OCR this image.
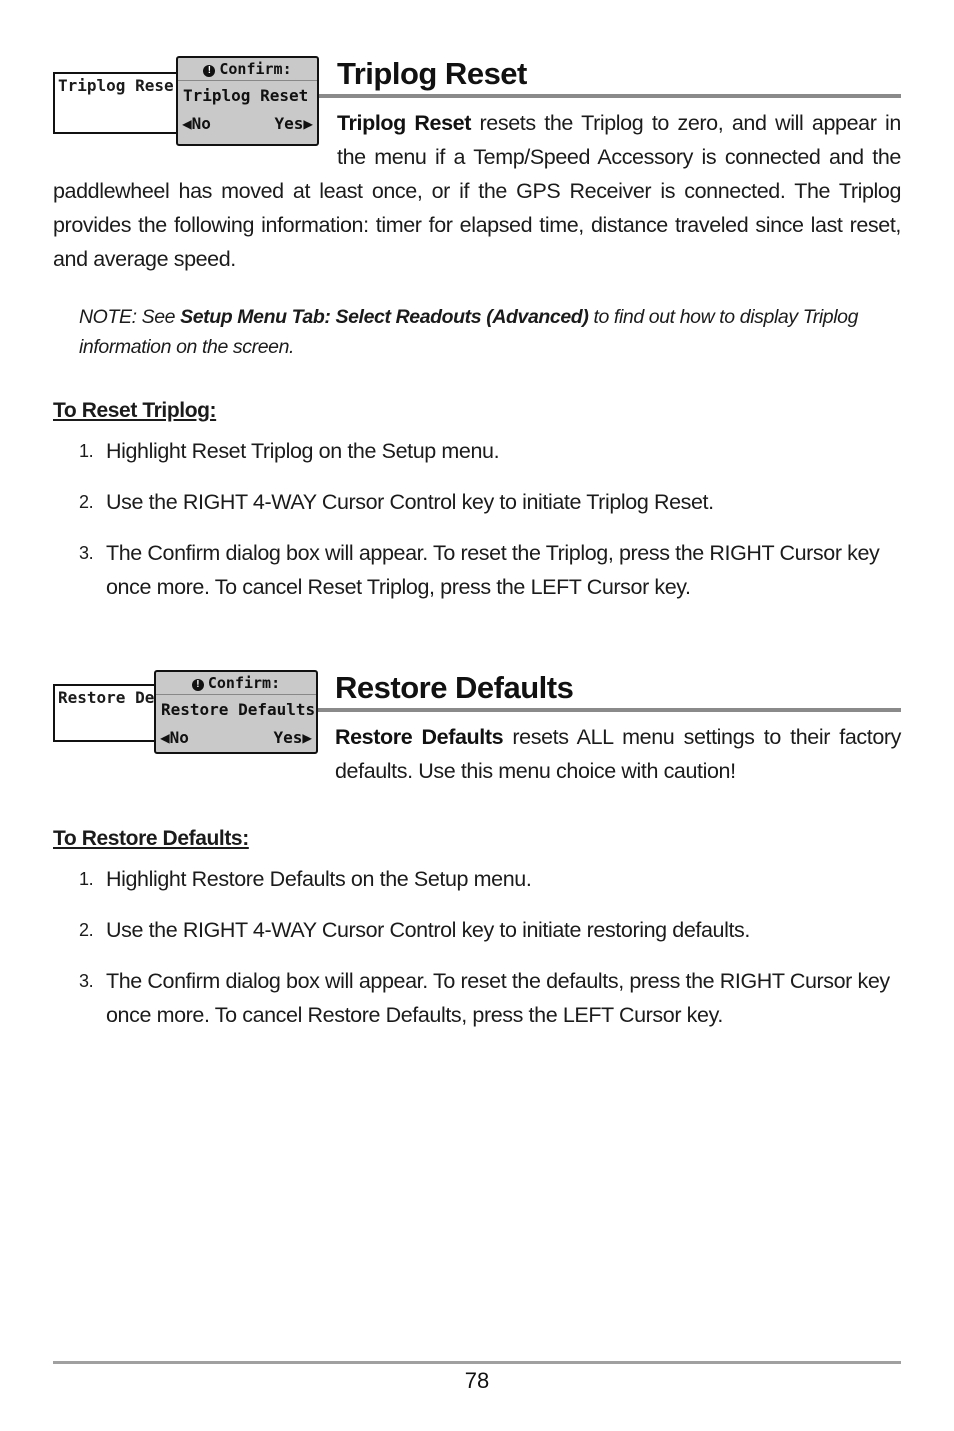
Triplog Rese
! Confirm:
Triplog Reset
◀No	Yes▶
Triplog Reset

Triplog Reset resets the Triplog to zero, and will appear in the menu if a Temp/Speed Accessory is connected and the paddlewheel has moved at least once, or if the GPS Receiver is connected. The Triplog provides the following information: timer for elapsed time, distance traveled since last reset, and average speed.

NOTE: See Setup Menu Tab: Select Readouts (Advanced) to find out how to display Triplog information on the screen.

To Reset Triplog:
1. Highlight Reset Triplog on the Setup menu.
2. Use the RIGHT 4-WAY Cursor Control key to initiate Triplog Reset.
3. The Confirm dialog box will appear. To reset the Triplog, press the RIGHT Cursor key once more. To cancel Reset Triplog, press the LEFT Cursor key.
Restore De
! Confirm:
Restore Defaults
◀No	Yes▶
Restore Defaults

Restore Defaults resets ALL menu settings to their factory defaults. Use this menu choice with caution!

To Restore Defaults:
1. Highlight Restore Defaults on the Setup menu.
2. Use the RIGHT 4-WAY Cursor Control key to initiate restoring defaults.
3. The Confirm dialog box will appear. To reset the defaults, press the RIGHT Cursor key once more. To cancel Restore Defaults, press the LEFT Cursor key.
78
